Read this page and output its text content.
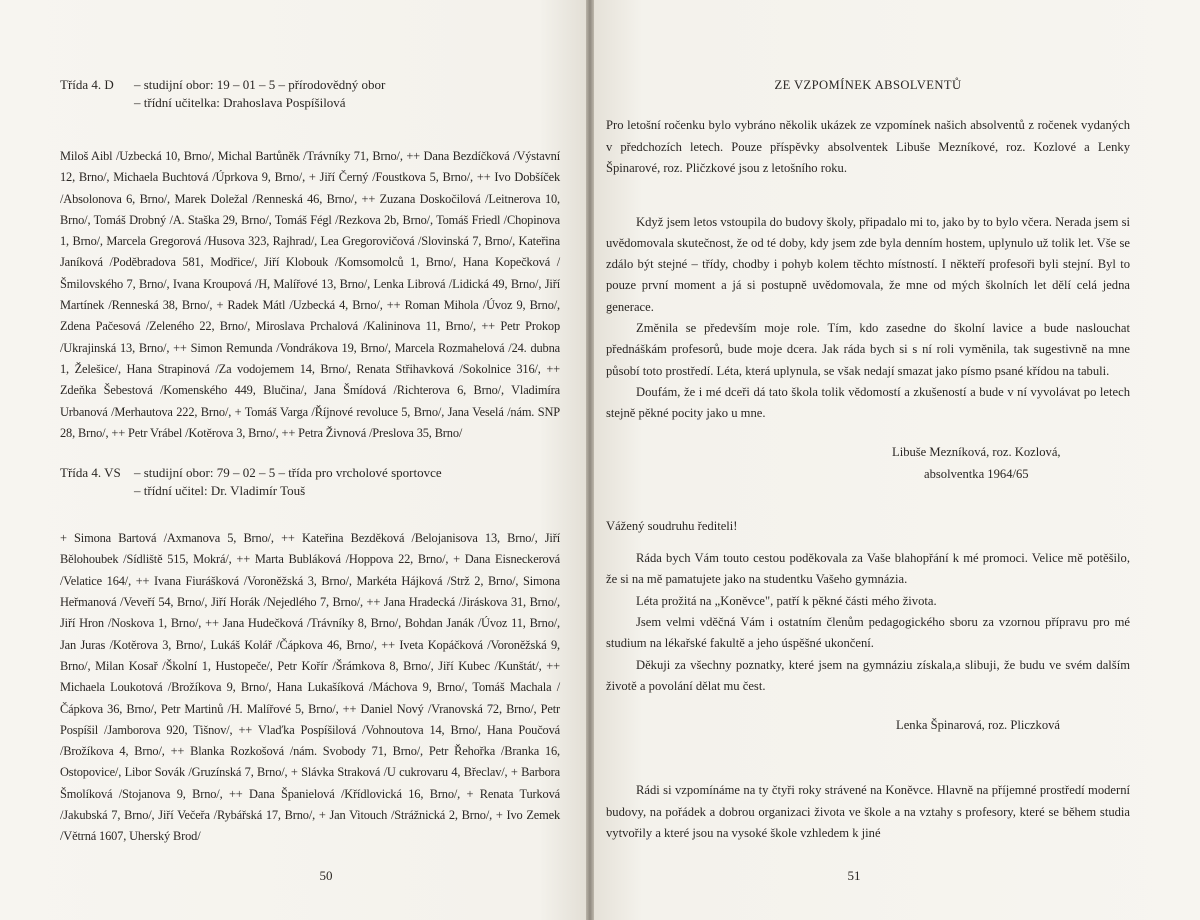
Třída 4. D – studijní obor: 19 – 01 – 5 – přírodovědný obor
– třídní učitelka: Drahoslava Pospíšilová

Miloš Aibl /Uzbecká 10, Brno/, Michal Bartůněk /Trávníky 71, Brno/, ++ Dana Bezdíčková /Výstavní 12, Brno/, Michaela Buchtová /Úprkova 9, Brno/, + Jiří Černý /Foustkova 5, Brno/, ++ Ivo Dobšíček /Absolonova 6, Brno/, Marek Doležal /Renneská 46, Brno/, ++ Zuzana Doskočilová /Leitnerova 10, Brno/, Tomáš Drobný /A. Staška 29, Brno/, Tomáš Fégl /Rezkova 2b, Brno/, Tomáš Friedl /Chopinova 1, Brno/, Marcela Gregorová /Husova 323, Rajhrad/, Lea Gregorovičová /Slovinská 7, Brno/, Kateřina Janíková /Poděbradova 581, Modřice/, Jiří Klobouk /Komsomolců 1, Brno/, Hana Kopečková /Šmilovského 7, Brno/, Ivana Kroupová /H, Malířové 13, Brno/, Lenka Librová /Lidická 49, Brno/, Jiří Martínek /Renneská 38, Brno/, + Radek Mátl /Uzbecká 4, Brno/, ++ Roman Mihola /Úvoz 9, Brno/, Zdena Pačesová /Zeleného 22, Brno/, Miroslava Prchalová /Kalininova 11, Brno/, ++ Petr Prokop /Ukrajinská 13, Brno/, ++ Simon Remunda /Vondrákova 19, Brno/, Marcela Rozmahelová /24. dubna 1, Želešice/, Hana Strapinová /Za vodojemem 14, Brno/, Renata Střihavková /Sokolnice 316/, ++ Zdeňka Šebestová /Komenského 449, Blučina/, Jana Šmídová /Richterova 6, Brno/, Vladimíra Urbanová /Merhautova 222, Brno/, + Tomáš Varga /Říjnové revoluce 5, Brno/, Jana Veselá /nám. SNP 28, Brno/, ++ Petr Vrábel /Kotěrova 3, Brno/, ++ Petra Živnová /Preslova 35, Brno/

Třída 4. VS – studijní obor: 79 – 02 – 5 – třída pro vrcholové sportovce
– třídní učitel: Dr. Vladimír Touš

+ Simona Bartová /Axmanova 5, Brno/, ++ Kateřina Bezděková /Belojanisova 13, Brno/, Jiří Bělohoubek /Sídliště 515, Mokrá/, ++ Marta Bubláková /Hoppova 22, Brno/, + Dana Eisneckerová /Velatice 164/, ++ Ivana Fiurášková /Voroněžská 3, Brno/, Markéta Hájková /Strž 2, Brno/, Simona Heřmanová /Veveří 54, Brno/, Jiří Horák /Nejedlého 7, Brno/, ++ Jana Hradecká /Jiráskova 31, Brno/, Jiří Hron /Noskova 1, Brno/, ++ Jana Hudečková /Trávníky 8, Brno/, Bohdan Janák /Úvoz 11, Brno/, Jan Juras /Kotěrova 3, Brno/, Lukáš Kolář /Čápkova 46, Brno/, ++ Iveta Kopáčková /Voroněžská 9, Brno/, Milan Kosař /Školní 1, Hustopeče/, Petr Kořír /Šrámkova 8, Brno/, Jiří Kubec /Kunštát/, ++ Michaela Loukotová /Brožíkova 9, Brno/, Hana Lukašíková /Máchova 9, Brno/, Tomáš Machala /Čápkova 36, Brno/, Petr Martinů /H. Malířové 5, Brno/, ++ Daniel Nový /Vranovská 72, Brno/, Petr Pospíšil /Jamborova 920, Tišnov/, ++ Vlaďka Pospíšilová /Vohnoutova 14, Brno/, Hana Poučová /Brožíkova 4, Brno/, ++ Blanka Rozkošová /nám. Svobody 71, Brno/, Petr Řehořka /Branka 16, Ostopovice/, Libor Sovák /Gruzínská 7, Brno/, + Slávka Straková /U cukrovaru 4, Břeclav/, + Barbora Šmolíková /Stojanova 9, Brno/, ++ Dana Španielová /Křídlovická 16, Brno/, + Renata Turková /Jakubská 7, Brno/, Jiří Večeřa /Rybářská 17, Brno/, + Jan Vitouch /Strážnická 2, Brno/, + Ivo Zemek /Větrná 1607, Uherský Brod/

50

ZE VZPOMÍNEK ABSOLVENTŮ

Pro letošní ročenku bylo vybráno několik ukázek ze vzpomínek našich absolventů z ročenek vydaných v předchozích letech. Pouze příspěvky absolventek Libuše Mezníkové, roz. Kozlové a Lenky Špinarové, roz. Pličzkové jsou z letošního roku.

Když jsem letos vstoupila do budovy školy, připadalo mi to, jako by to bylo včera. Nerada jsem si uvědomovala skutečnost, že od té doby, kdy jsem zde byla denním hostem, uplynulo už tolik let. Vše se zdálo být stejné – třídy, chodby i pohyb kolem těchto místností. I někteří profesoři byli stejní. Byl to pouze první moment a já si postupně uvědomovala, že mne od mých školních let dělí celá jedna generace.

Změnila se především moje role. Tím, kdo zasedne do školní lavice a bude naslouchat přednáškám profesorů, bude moje dcera. Jak ráda bych si s ní roli vyměnila, tak sugestivně na mne působí toto prostředí. Léta, která uplynula, se však nedají smazat jako písmo psané křídou na tabuli.

Doufám, že i mé dceři dá tato škola tolik vědomostí a zkušeností a bude v ní vyvolávat po letech stejně pěkné pocity jako u mne.

Libuše Mezníková, roz. Kozlová,
absolventka 1964/65

Vážený soudruhu řediteli!

Ráda bych Vám touto cestou poděkovala za Vaše blahopřání k mé promoci. Velice mě potěšilo, že si na mě pamatujete jako na studentku Vašeho gymnázia.

Léta prožitá na „Koněvce", patří k pěkné části mého života.

Jsem velmi vděčná Vám i ostatním členům pedagogického sboru za vzornou přípravu pro mé studium na lékařské fakultě a jeho úspěšné ukončení.

Děkuji za všechny poznatky, které jsem na gymnáziu získala,a slibuji, že budu ve svém dalším životě a povolání dělat mu čest.

Lenka Špinarová, roz. Pliczková

Rádi si vzpomínáme na ty čtyři roky strávené na Koněvce. Hlavně na příjemné prostředí moderní budovy, na pořádek a dobrou organizaci života ve škole a na vztahy s profesory, které se během studia vytvořily a které jsou na vysoké škole vzhledem k jiné

51
